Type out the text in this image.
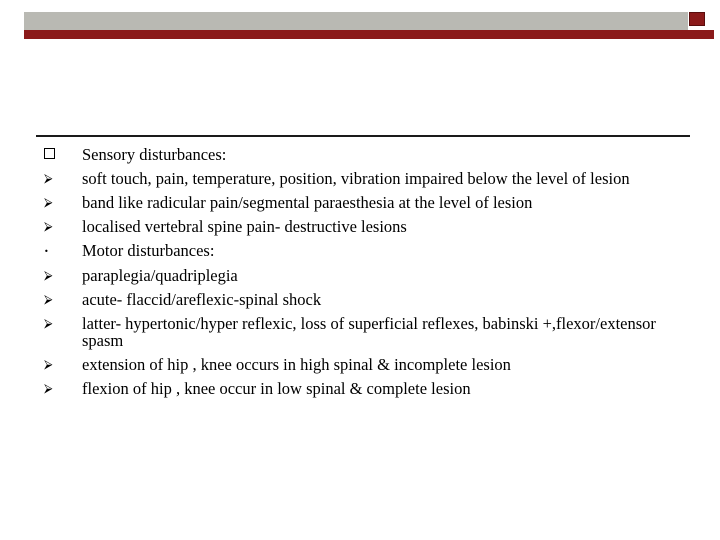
Sensory disturbances:
⮚	soft touch, pain, temperature, position, vibration impaired below the level of lesion
⮚	band like radicular pain/segmental paraesthesia at the level of lesion
⮚	localised vertebral spine pain- destructive lesions
•
Motor disturbances:
⮚	paraplegia/quadriplegia
⮚	acute- flaccid/areflexic-spinal shock
⮚	latter- hypertonic/hyper reflexic, loss of superficial reflexes, babinski +,flexor/extensor spasm
⮚	extension of hip , knee occurs in high spinal & incomplete lesion
⮚	flexion of hip , knee occur in low spinal & complete lesion
